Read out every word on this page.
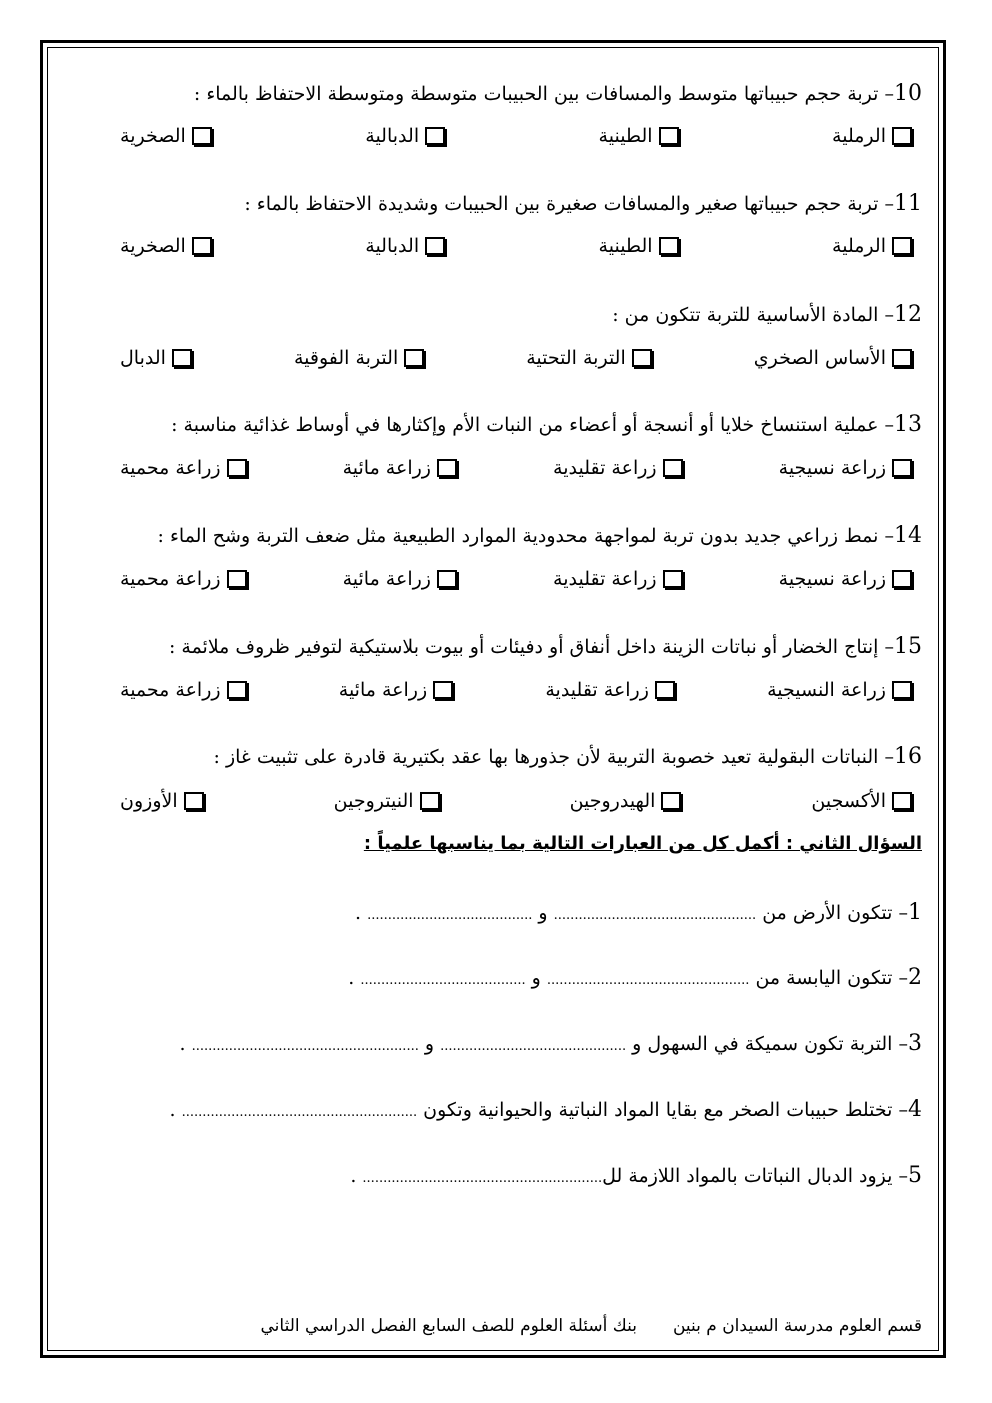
10– تربة حجم حبيباتها متوسط والمسافات بين الحبيبات متوسطة ومتوسطة الاحتفاظ بالماء :
الرملية
الطينية
الدبالية
الصخرية
11– تربة حجم حبيباتها صغير والمسافات صغيرة بين الحبيبات وشديدة الاحتفاظ بالماء :
الرملية
الطينية
الدبالية
الصخرية
12– المادة الأساسية للتربة تتكون من :
الأساس الصخري
التربة التحتية
التربة الفوقية
الدبال
13– عملية استنساخ خلايا أو أنسجة أو أعضاء من النبات الأم وإكثارها في أوساط غذائية مناسبة :
زراعة نسيجية
زراعة تقليدية
زراعة مائية
زراعة محمية
14– نمط زراعي جديد بدون تربة لمواجهة محدودية الموارد الطبيعية مثل ضعف التربة وشح الماء :
زراعة نسيجية
زراعة تقليدية
زراعة مائية
زراعة محمية
15– إنتاج الخضار أو نباتات الزينة داخل أنفاق أو دفيئات أو بيوت بلاستيكية لتوفير ظروف ملائمة :
زراعة النسيجية
زراعة تقليدية
زراعة مائية
زراعة محمية
16– النباتات البقولية تعيد خصوبة التربية لأن جذورها بها عقد بكتيرية قادرة على تثبيت غاز :
الأكسجين
الهيدروجين
النيتروجين
الأوزون
السؤال الثاني : أكمل كل من العبارات التالية بما يناسبها علمياً :
1– تتكون الأرض من ................................................. و ........................................ .
2– تتكون اليابسة من ................................................. و ........................................ .
3– التربة تكون سميكة في السهول و ............................................. و ....................................................... .
4– تختلط حبيبات الصخر مع بقايا المواد النباتية والحيوانية وتكون ......................................................... .
5– يزود الدبال النباتات بالمواد اللازمة لل.......................................................... .
قسم العلوم مدرسة السيدان م بنين
بنك أسئلة العلوم للصف السابع الفصل الدراسي الثاني
